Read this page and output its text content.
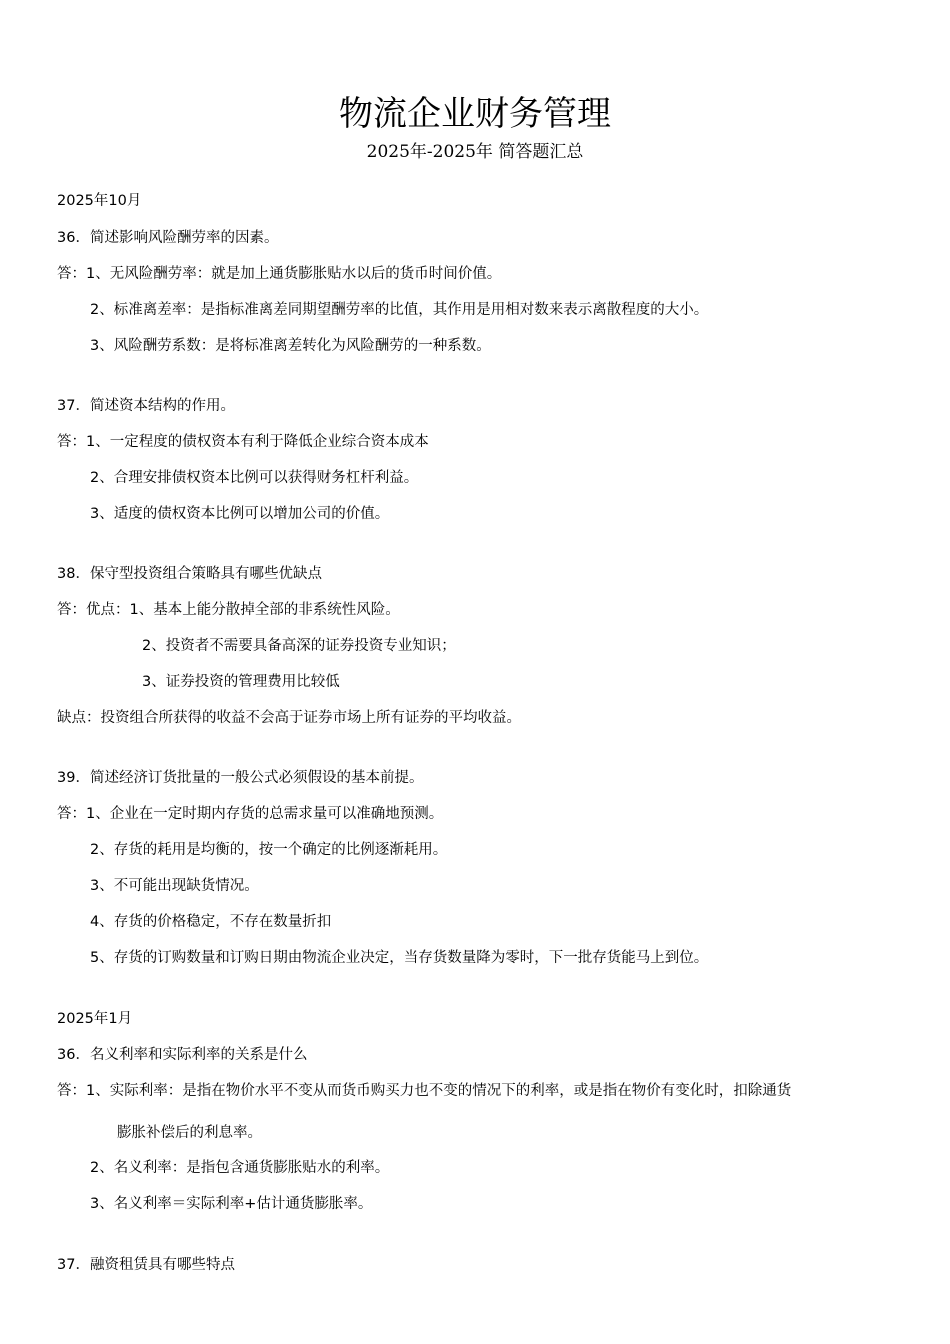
物流企业财务管理
2025年-2025年 简答题汇总
2025年10月
36．简述影响风险酬劳率的因素。
答：1、无风险酬劳率：就是加上通货膨胀贴水以后的货币时间价值。
2、标准离差率：是指标准离差同期望酬劳率的比值，其作用是用相对数来表示离散程度的大小。
3、风险酬劳系数：是将标准离差转化为风险酬劳的一种系数。
37．简述资本结构的作用。
答：1、一定程度的债权资本有利于降低企业综合资本成本
2、合理安排债权资本比例可以获得财务杠杆利益。
3、适度的债权资本比例可以增加公司的价值。
38．保守型投资组合策略具有哪些优缺点
答：优点：1、基本上能分散掉全部的非系统性风险。
2、投资者不需要具备高深的证券投资专业知识；
3、证券投资的管理费用比较低
缺点：投资组合所获得的收益不会高于证券市场上所有证券的平均收益。
39．简述经济订货批量的一般公式必须假设的基本前提。
答：1、企业在一定时期内存货的总需求量可以准确地预测。
2、存货的耗用是均衡的，按一个确定的比例逐渐耗用。
3、不可能出现缺货情况。
4、存货的价格稳定，不存在数量折扣
5、存货的订购数量和订购日期由物流企业决定，当存货数量降为零时，下一批存货能马上到位。
2025年1月
36．名义利率和实际利率的关系是什么
答：1、实际利率：是指在物价水平不变从而货币购买力也不变的情况下的利率，或是指在物价有变化时，扣除通货
膨胀补偿后的利息率。
2、名义利率：是指包含通货膨胀贴水的利率。
3、名义利率＝实际利率+估计通货膨胀率。
37．融资租赁具有哪些特点
